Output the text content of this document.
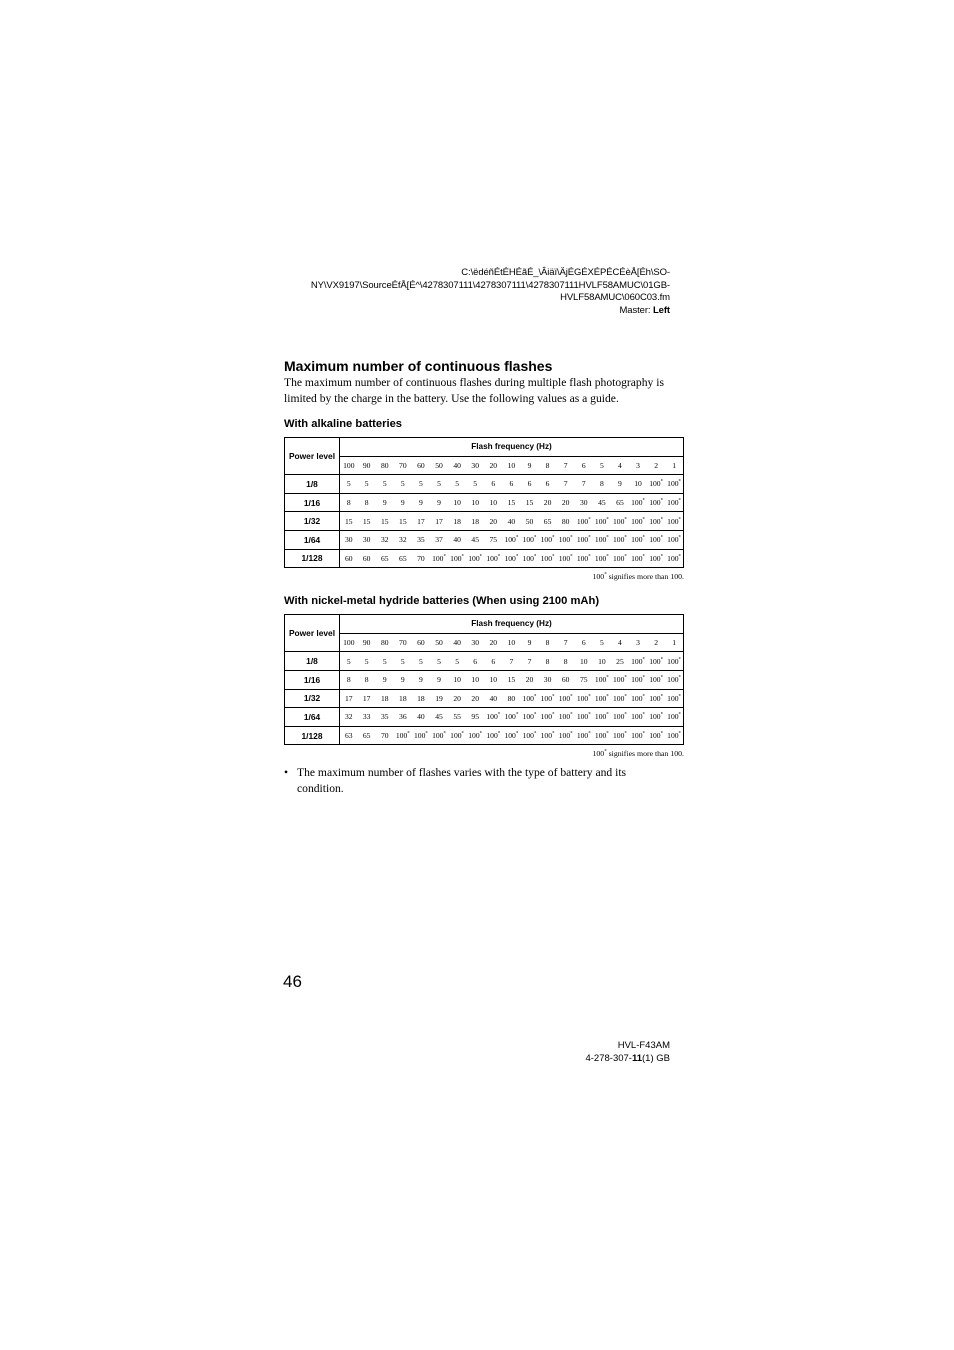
C:\ëdéñÉtÉHÉãÉ_\Âiäï\ÄjÉGÉXÉPÉCÉèÅ[Éh\SO-
NY\VX9197\SourceÉfÅ[É^\4278307111\4278307111\4278307111HVLF58AMUC\01GB-
HVLF58AMUC\060C03.fm
Master: Left
Maximum number of continuous flashes

The maximum number of continuous flashes during multiple flash photography is limited by the charge in the battery. Use the following values as a guide.

With alkaline batteries
Power level	Flash frequency (Hz)																		
	100	90	80	70	60	50	40	30	20	10	9	8	7	6	5	4	3	2	1
1/8	5	5	5	5	5	5	5	5	6	6	6	6	7	7	8	9	10	100*	100*
1/16	8	8	9	9	9	9	10	10	10	15	15	20	20	30	45	65	100*	100*	100*
1/32	15	15	15	15	17	17	18	18	20	40	50	65	80	100*	100*	100*	100*	100*	100*
1/64	30	30	32	32	35	37	40	45	75	100*	100*	100*	100*	100*	100*	100*	100*	100*	100*
1/128	60	60	65	65	70	100*	100*	100*	100*	100*	100*	100*	100*	100*	100*	100*	100*	100*	100*
100* signifies more than 100.
With nickel-metal hydride batteries (When using 2100 mAh)
Power level	Flash frequency (Hz)																		
	100	90	80	70	60	50	40	30	20	10	9	8	7	6	5	4	3	2	1
1/8	5	5	5	5	5	5	5	6	6	7	7	8	8	10	10	25	100*	100*	100*
1/16	8	8	9	9	9	9	10	10	10	15	20	30	60	75	100*	100*	100*	100*	100*
1/32	17	17	18	18	18	19	20	20	40	80	100*	100*	100*	100*	100*	100*	100*	100*	100*
1/64	32	33	35	36	40	45	55	95	100*	100*	100*	100*	100*	100*	100*	100*	100*	100*	100*
1/128	63	65	70	100*	100*	100*	100*	100*	100*	100*	100*	100*	100*	100*	100*	100*	100*	100*	100*
100* signifies more than 100.
• The maximum number of flashes varies with the type of battery and its condition.
46
HVL-F43AM
4-278-307-11(1) GB
